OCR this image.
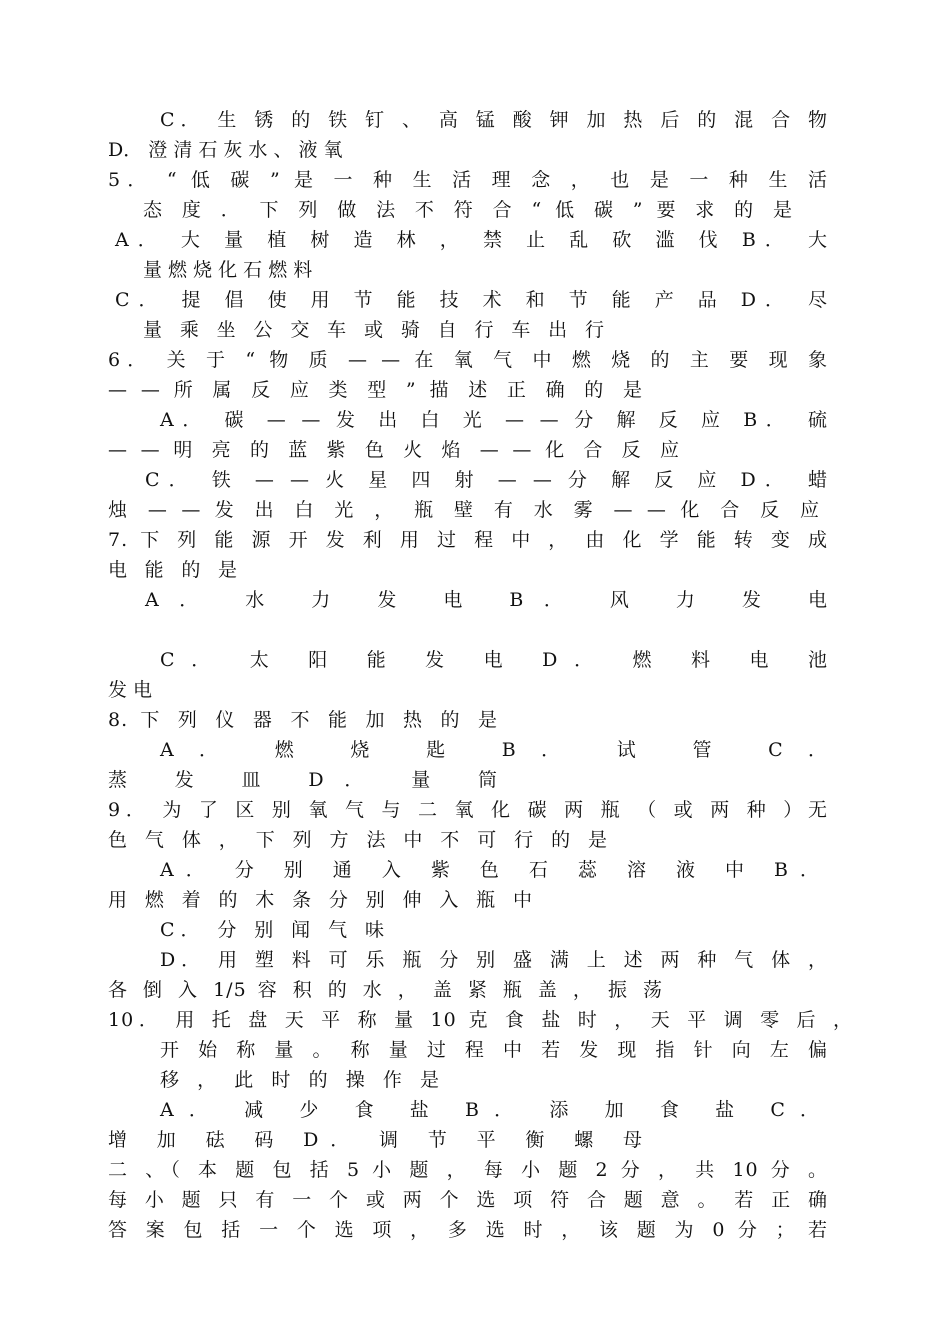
C． 生 锈 的 铁 钉 、 高 锰 酸 钾 加 热 后 的 混 合 物
D． 澄 清 石 灰 水 、 液 氧
5． “ 低 碳 ” 是 一 种 生 活 理 念 ， 也 是 一 种 生 活
态 度 ． 下 列 做 法 不 符 合 “ 低 碳 ” 要 求 的 是
A． 大 量 植 树 造 林 ， 禁 止 乱 砍 滥 伐 B． 大
量 燃 烧 化 石 燃 料
C． 提 倡 使 用 节 能 技 术 和 节 能 产 品 D． 尽
量 乘 坐 公 交 车 或 骑 自 行 车 出 行
6． 关 于 “ 物 质 — — 在 氧 气 中 燃 烧 的 主 要 现 象
— — 所 属 反 应 类 型 ” 描 述 正 确 的 是
A． 碳 — — 发 出 白 光 — — 分 解 反 应 B． 硫
— — 明 亮 的 蓝 紫 色 火 焰 — — 化 合 反 应
C． 铁 — — 火 星 四 射 — — 分 解 反 应 D． 蜡
烛 — — 发 出 白 光 ， 瓶 壁 有 水 雾 — — 化 合 反 应
7. 下 列 能 源 开 发 利 用 过 程 中 ， 由 化 学 能 转 变 成
电 能 的 是
A． 水 力 发 电 B． 风 力 发 电
C． 太 阳 能 发 电 D． 燃 料 电 池
发 电
8. 下 列 仪 器 不 能 加 热 的 是
A． 燃 烧 匙 B． 试 管 C．
蒸 发 皿 D． 量 筒
9． 为 了 区 别 氧 气 与 二 氧 化 碳 两 瓶 （ 或 两 种 ）无
色 气 体 ， 下 列 方 法 中 不 可 行 的 是
A． 分 别 通 入 紫 色 石 蕊 溶 液 中 B．
用 燃 着 的 木 条 分 别 伸 入 瓶 中
C． 分 别 闻 气 味
D． 用 塑 料 可 乐 瓶 分 别 盛 满 上 述 两 种 气 体 ，
各 倒 入 1/5 容 积 的 水 ， 盖 紧 瓶 盖 ， 振 荡
10． 用 托 盘 天 平 称 量 10 克 食 盐 时 ， 天 平 调 零 后 ，
开 始 称 量 。 称 量 过 程 中 若 发 现 指 针 向 左 偏
移 ， 此 时 的 操 作 是
A． 减 少 食 盐 B． 添 加 食 盐 C．
增 加 砝 码 D． 调 节 平 衡 螺 母
二 、（ 本 题 包 括 5 小 题 ， 每 小 题 2 分 ， 共 10 分 。
每 小 题 只 有 一 个 或 两 个 选 项 符 合 题 意 。 若 正 确
答 案 包 括 一 个 选 项 ， 多 选 时 ， 该 题 为 0 分 ； 若
